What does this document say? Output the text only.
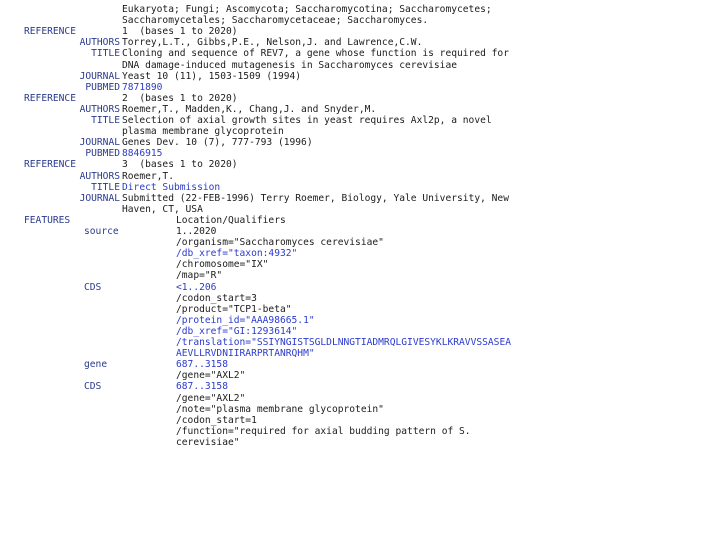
Eukaryota; Fungi; Ascomycota; Saccharomycotina; Saccharomycetes;
Saccharomycetales; Saccharomycetaceae; Saccharomyces.
REFERENCE	1  (bases 1 to 2020)
AUTHORS Torrey,L.T., Gibbs,P.E., Nelson,J. and Lawrence,C.W.
TITLE Cloning and sequence of REV7, a gene whose function is required for
DNA damage-induced mutagenesis in Saccharomyces cerevisiae
JOURNAL Yeast 10 (11), 1503-1509 (1994)
PUBMED 7871890
REFERENCE	2  (bases 1 to 2020)
AUTHORS Roemer,T., Madden,K., Chang,J. and Snyder,M.
TITLE Selection of axial growth sites in yeast requires Axl2p, a novel
plasma membrane glycoprotein
JOURNAL Genes Dev. 10 (7), 777-793 (1996)
PUBMED 8846915
REFERENCE	3  (bases 1 to 2020)
AUTHORS Roemer,T.
TITLE Direct Submission
JOURNAL Submitted (22-FEB-1996) Terry Roemer, Biology, Yale University, New
Haven, CT, USA
FEATURES	Location/Qualifiers
source	1..2020
/organism="Saccharomyces cerevisiae"
/db_xref="taxon:4932"
/chromosome="IX"
/map="R"
CDS	<1..206
/codon_start=3
/product="TCP1-beta"
/protein_id="AAA98665.1"
/db_xref="GI:1293614"
/translation="SSIYNGISTSGLDLNNGTIADMRQLGIVESYKLKRAVVSSASEA
AEVLLRVDNIIRARPRTANRQHM"
gene	687..3158
/gene="AXL2"
CDS	687..3158
/gene="AXL2"
/note="plasma membrane glycoprotein"
/codon_start=1
/function="required for axial budding pattern of S.
cerevisiae"
